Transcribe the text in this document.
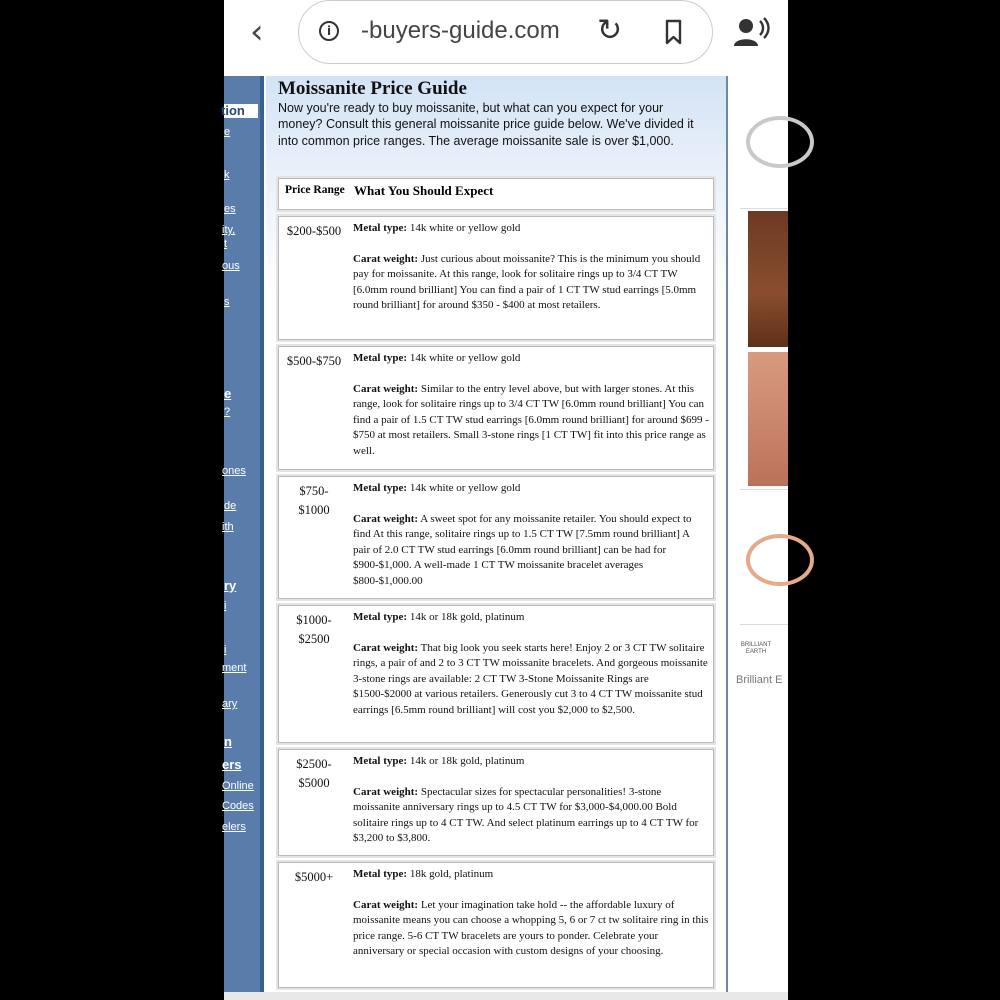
‹	i	-buyers-guide.com ↻
tion
e
k
es
ity,
t
ous
s
e
?
ones
de
ith
ry
i
i
ment
ary
n
ers
Online
Codes
elers
Moissanite Price Guide
Now you're ready to buy moissanite, but what can you expect for your money? Consult this general moissanite price guide below. We've divided it into common price ranges. The average moissanite sale is over $1,000.
Price Range What You Should Expect
$200-$500	Metal type: 14k white or yellow gold

Carat weight: Just curious about moissanite? This is the minimum you should pay for moissanite. At this range, look for solitaire rings up to 3/4 CT TW [6.0mm round brilliant] You can find a pair of 1 CT TW stud earrings [5.0mm round brilliant] for around $350 - $400 at most retailers.

$500-$750	Metal type: 14k white or yellow gold

Carat weight: Similar to the entry level above, but with larger stones. At this range, look for solitaire rings up to 3/4 CT TW [6.0mm round brilliant] You can find a pair of 1.5 CT TW stud earrings [6.0mm round brilliant] for around $699 - $750 at most retailers. Small 3-stone rings [1 CT TW] fit into this price range as well.

$750-
$1000

Metal type: 14k white or yellow gold

Carat weight: A sweet spot for any moissanite retailer. You should expect to find At this range, solitaire rings up to 1.5 CT TW [7.5mm round brilliant] A pair of 2.0 CT TW stud earrings [6.0mm round brilliant] can be had for $900-$1,000. A well-made 1 CT TW moissanite bracelet averages $800-$1,000.00

$1000-
$2500

Metal type: 14k or 18k gold, platinum

Carat weight: That big look you seek starts here! Enjoy 2 or 3 CT TW solitaire rings, a pair of and 2 to 3 CT TW moissanite bracelets. And gorgeous moissanite 3-stone rings are available: 2 CT TW 3-Stone Moissanite Rings are $1500-$2000 at various retailers. Generously cut 3 to 4 CT TW moissanite stud earrings [6.5mm round brilliant] will cost you $2,000 to $2,500.

$2500-
$5000

Metal type: 14k or 18k gold, platinum

Carat weight: Spectacular sizes for spectacular personalities! 3-stone moissanite anniversary rings up to 4.5 CT TW for $3,000-$4,000.00 Bold solitaire rings up to 4 CT TW. And select platinum earrings up to 4 CT TW for $3,200 to $3,800.

$5000+	Metal type: 18k gold, platinum

Carat weight: Let your imagination take hold -- the affordable luxury of moissanite means you can choose a whopping 5, 6 or 7 ct tw solitaire ring in this price range. 5-6 CT TW bracelets are yours to ponder. Celebrate your anniversary or special occasion with custom designs of your choosing.

BRILLIANT EARTH
Brilliant E
